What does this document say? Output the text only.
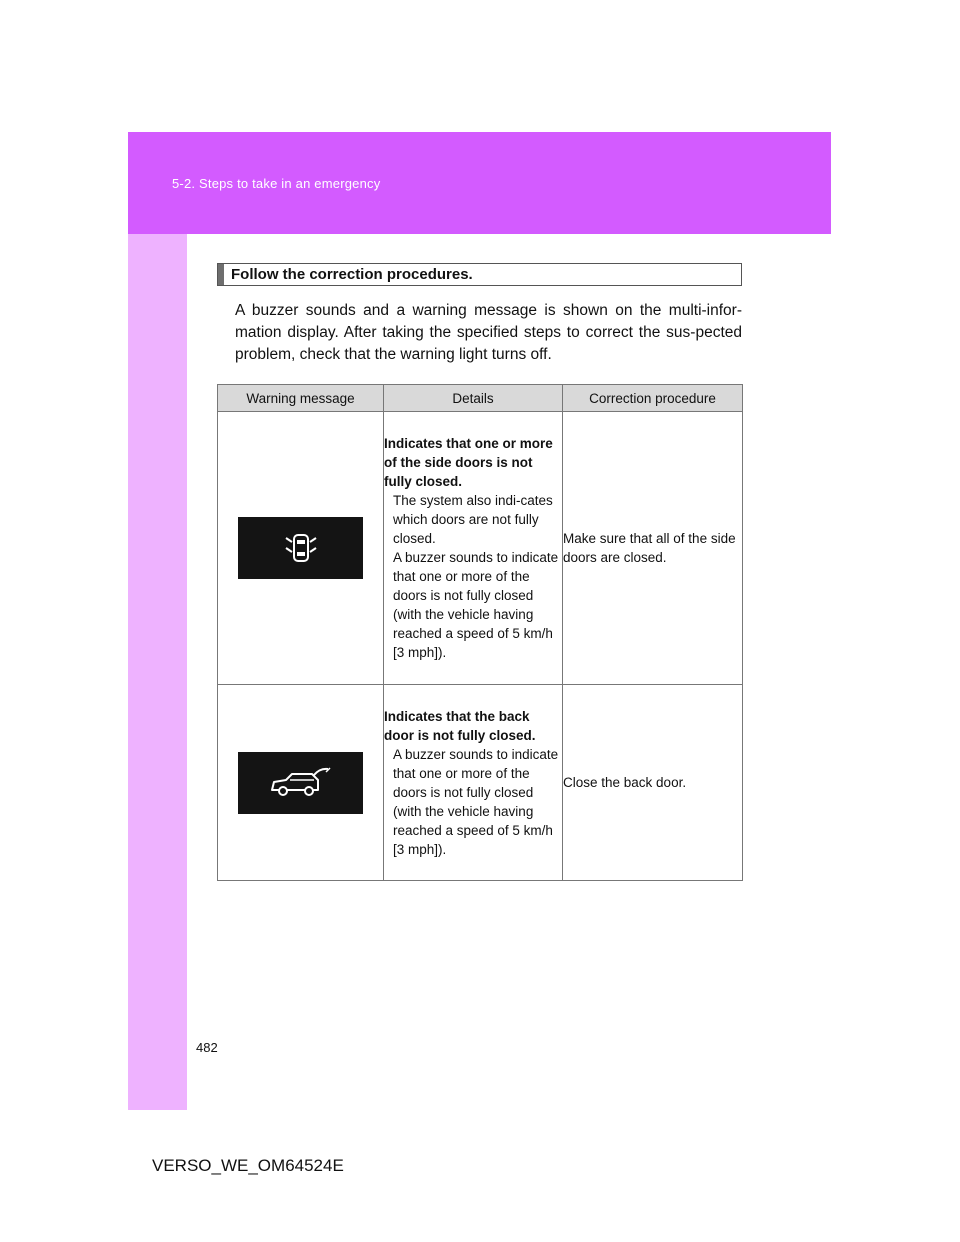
5-2. Steps to take in an emergency
Follow the correction procedures.

A buzzer sounds and a warning message is shown on the multi-infor-mation display. After taking the specified steps to correct the sus-pected problem, check that the warning light turns off.

Warning message	Details	Correction procedure

Indicates that one or more of the side doors is not fully closed.
The system also indi-cates which doors are not fully closed.
A buzzer sounds to indicate that one or more of the doors is not fully closed (with the vehicle having reached a speed of 5 km/h [3 mph]).	Make sure that all of the side doors are closed.

Indicates that the back door is not fully closed.
A buzzer sounds to indicate that one or more of the doors is not fully closed (with the vehicle having reached a speed of 5 km/h [3 mph]).	Close the back door.
482
VERSO_WE_OM64524E
